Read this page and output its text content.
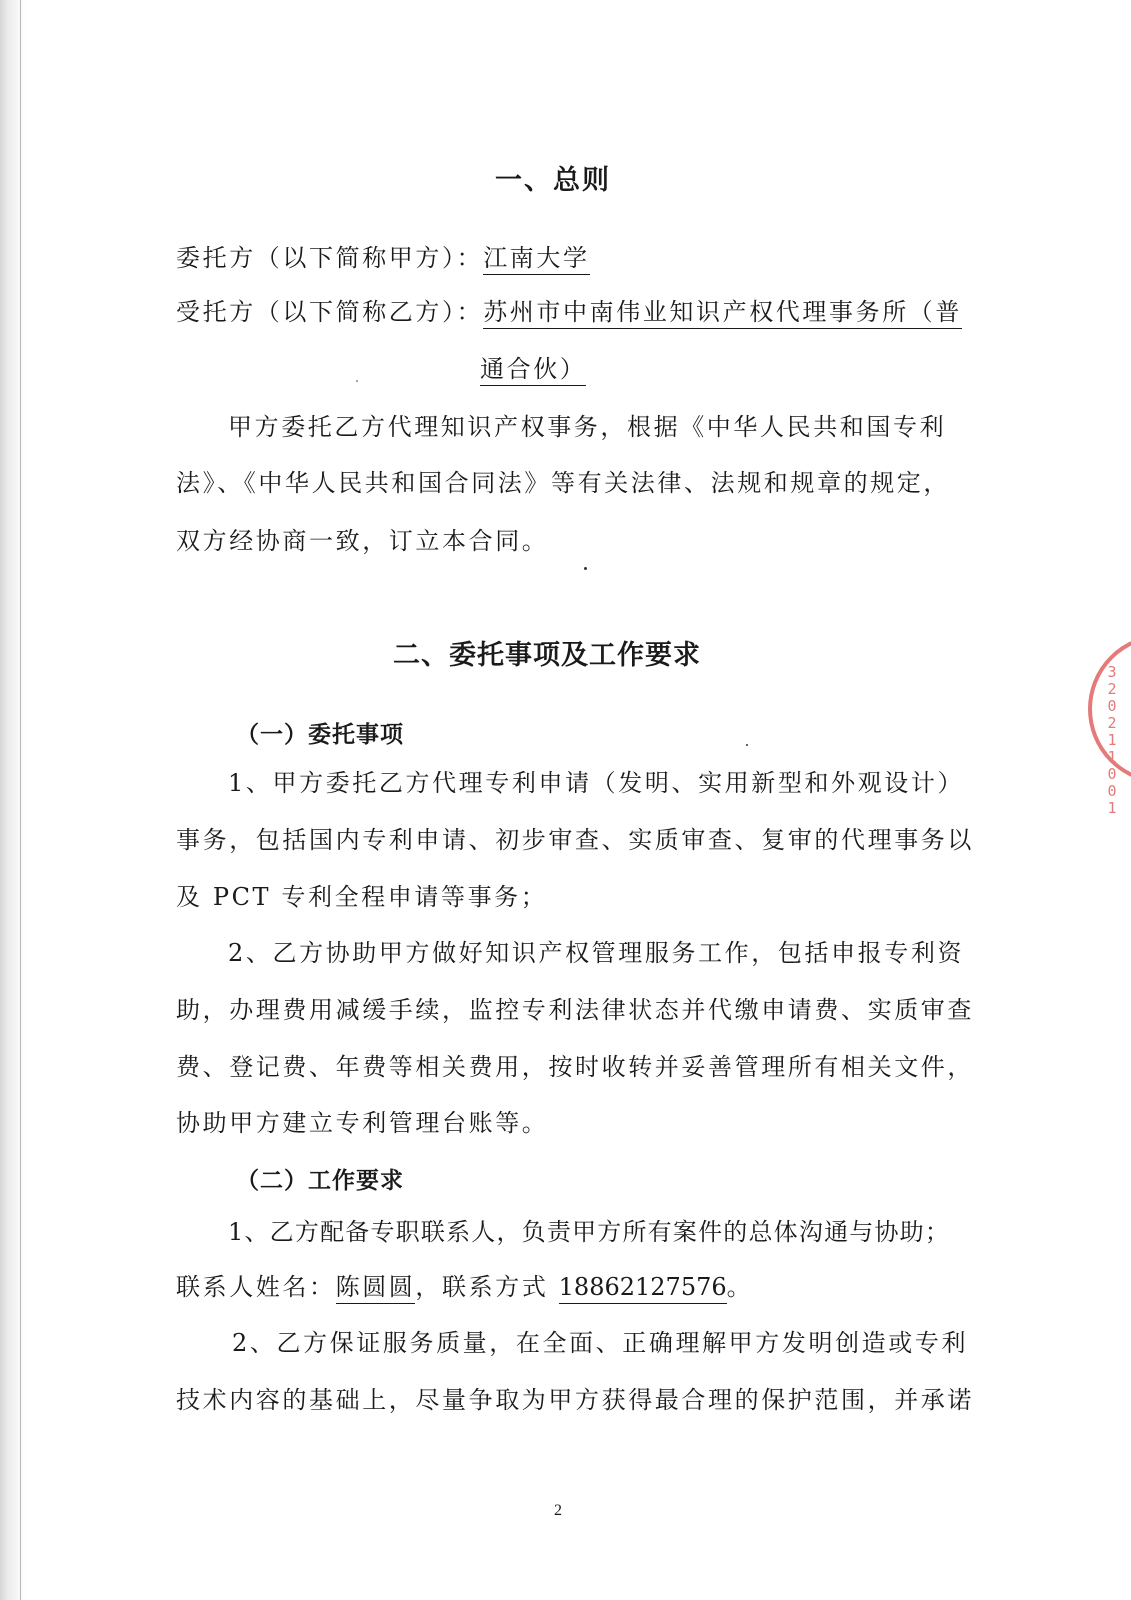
3
2
0
2
1
1
0
0
1
一、总则
委托方（以下简称甲方）：江南大学
受托方（以下简称乙方）：苏州市中南伟业知识产权代理事务所（普
通合伙）
甲方委托乙方代理知识产权事务，根据《中华人民共和国专利
法》、《中华人民共和国合同法》等有关法律、法规和规章的规定，
双方经协商一致，订立本合同。
二、委托事项及工作要求
（一）委托事项
1、甲方委托乙方代理专利申请（发明、实用新型和外观设计）
事务，包括国内专利申请、初步审查、实质审查、复审的代理事务以
及 PCT 专利全程申请等事务；
2、乙方协助甲方做好知识产权管理服务工作，包括申报专利资
助，办理费用减缓手续，监控专利法律状态并代缴申请费、实质审查
费、登记费、年费等相关费用，按时收转并妥善管理所有相关文件，
协助甲方建立专利管理台账等。
（二）工作要求
1、乙方配备专职联系人，负责甲方所有案件的总体沟通与协助；
联系人姓名：陈圆圆，联系方式 18862127576。
2、乙方保证服务质量，在全面、正确理解甲方发明创造或专利
技术内容的基础上，尽量争取为甲方获得最合理的保护范围，并承诺
2
